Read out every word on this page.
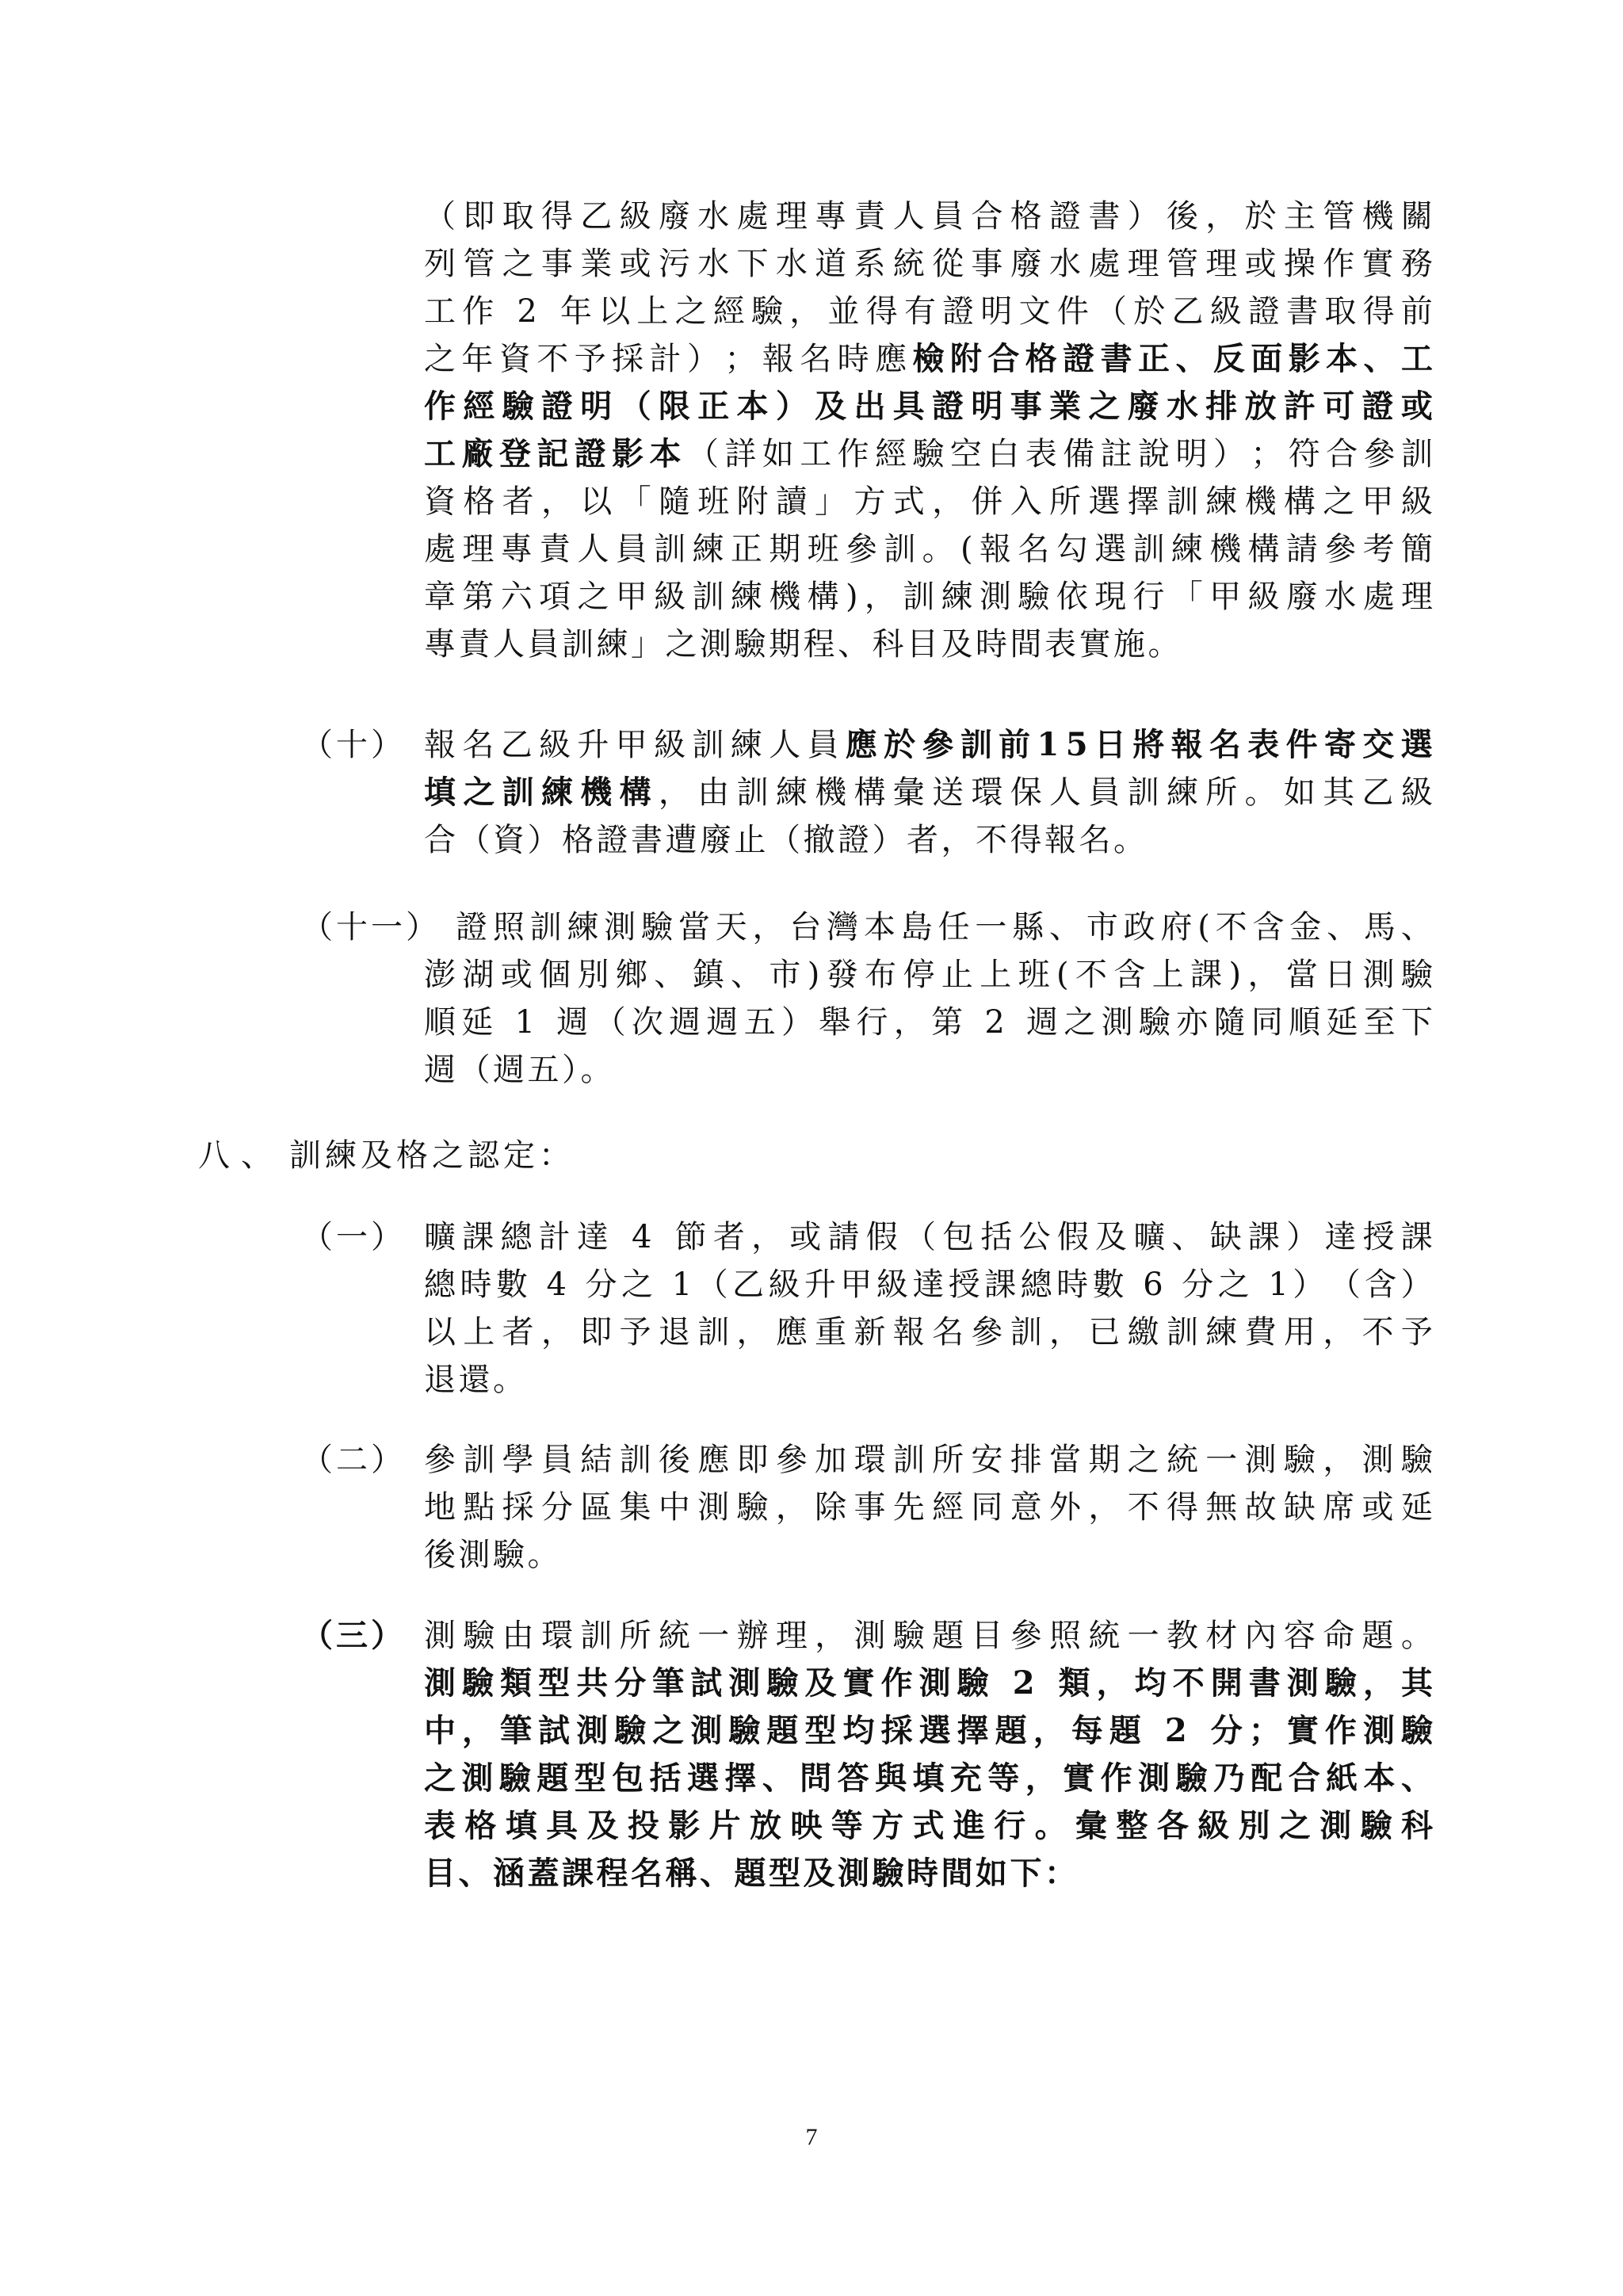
（ 即 取 得 乙 級 廢 水 處 理 專 責 人 員 合 格 證 書 ） 後 ， 於 主 管 機 關
列 管 之 事 業 或 污 水 下 水 道 系 統 從 事 廢 水 處 理 管 理 或 操 作 實 務
工 作
2
年 以 上 之 經 驗 ， 並 得 有 證 明 文 件 （ 於 乙 級 證 書 取 得 前
之 年 資 不 予 採 計 ） ； 報 名 時 應 檢 附 合 格 證 書 正 、 反 面 影 本 、 工
作 經 驗 證 明 （ 限 正 本 ） 及 出 具 證 明 事 業 之 廢 水 排 放 許 可 證 或
工 廠 登 記 證 影 本 （ 詳 如 工 作 經 驗 空 白 表 備 註 說 明 ） ； 符 合 參 訓
資 格 者 ， 以 「 隨 班 附 讀 」 方 式 ， 併 入 所 選 擇 訓 練 機 構 之 甲 級
處 理 專 責 人 員 訓 練 正 期 班 參 訓 。 ( 報 名 勾 選 訓 練 機 構 請 參 考 簡
章 第 六 項 之 甲 級 訓 練 機 構 ) ， 訓 練 測 驗 依 現 行 「 甲 級 廢 水 處 理
專責人員訓練」之測驗期程、科目及時間表實施。
（十） 報 名 乙 級 升 甲 級 訓 練 人 員 應 於 參 訓 前 1 5 日 將 報 名 表 件 寄 交 選
填 之 訓 練 機 構 ， 由 訓 練 機 構 彙 送 環 保 人 員 訓 練 所 。 如 其 乙 級
合（資）格證書遭廢止（撤證）者，不得報名。
（十一） 證 照 訓 練 測 驗 當 天 ， 台 灣 本 島 任 一 縣 、 市 政 府 ( 不 含 金 、 馬 、
澎 湖 或 個 別 鄉 、 鎮 、 市 ) 發 布 停 止 上 班 ( 不 含 上 課 ) ， 當 日 測 驗
順 延
1
週 （ 次 週 週 五 ） 舉 行 ， 第
2
週 之 測 驗 亦 隨 同 順 延 至 下
週（週五）。
八、 訓練及格之認定：
（一） 曠 課 總 計 達
4
節 者 ， 或 請 假 （ 包 括 公 假 及 曠 、 缺 課 ） 達 授 課
總 時 數
4
分 之
1 （ 乙 級 升 甲 級 達 授 課 總 時 數
6
分 之
1 ） （ 含 ）
以 上 者 ， 即 予 退 訓 ， 應 重 新 報 名 參 訓 ， 已 繳 訓 練 費 用 ， 不 予
退還。
（二） 參 訓 學 員 結 訓 後 應 即 參 加 環 訓 所 安 排 當 期 之 統 一 測 驗 ， 測 驗
地 點 採 分 區 集 中 測 驗 ， 除 事 先 經 同 意 外 ， 不 得 無 故 缺 席 或 延
後測驗。
（三） 測 驗 由 環 訓 所 統 一 辦 理 ， 測 驗 題 目 參 照 統 一 教 材 內 容 命 題 。
測 驗 類 型 共 分 筆 試 測 驗 及 實 作 測 驗
2
類 ， 均 不 開 書 測 驗 ， 其
中 ， 筆 試 測 驗 之 測 驗 題 型 均 採 選 擇 題 ， 每 題
2
分 ； 實 作 測 驗
之 測 驗 題 型 包 括 選 擇 、 問 答 與 填 充 等 ， 實 作 測 驗 乃 配 合 紙 本 、
表 格 填 具 及 投 影 片 放 映 等 方 式 進 行 。 彙 整 各 級 別 之 測 驗 科
目、涵蓋課程名稱、題型及測驗時間如下：
7
